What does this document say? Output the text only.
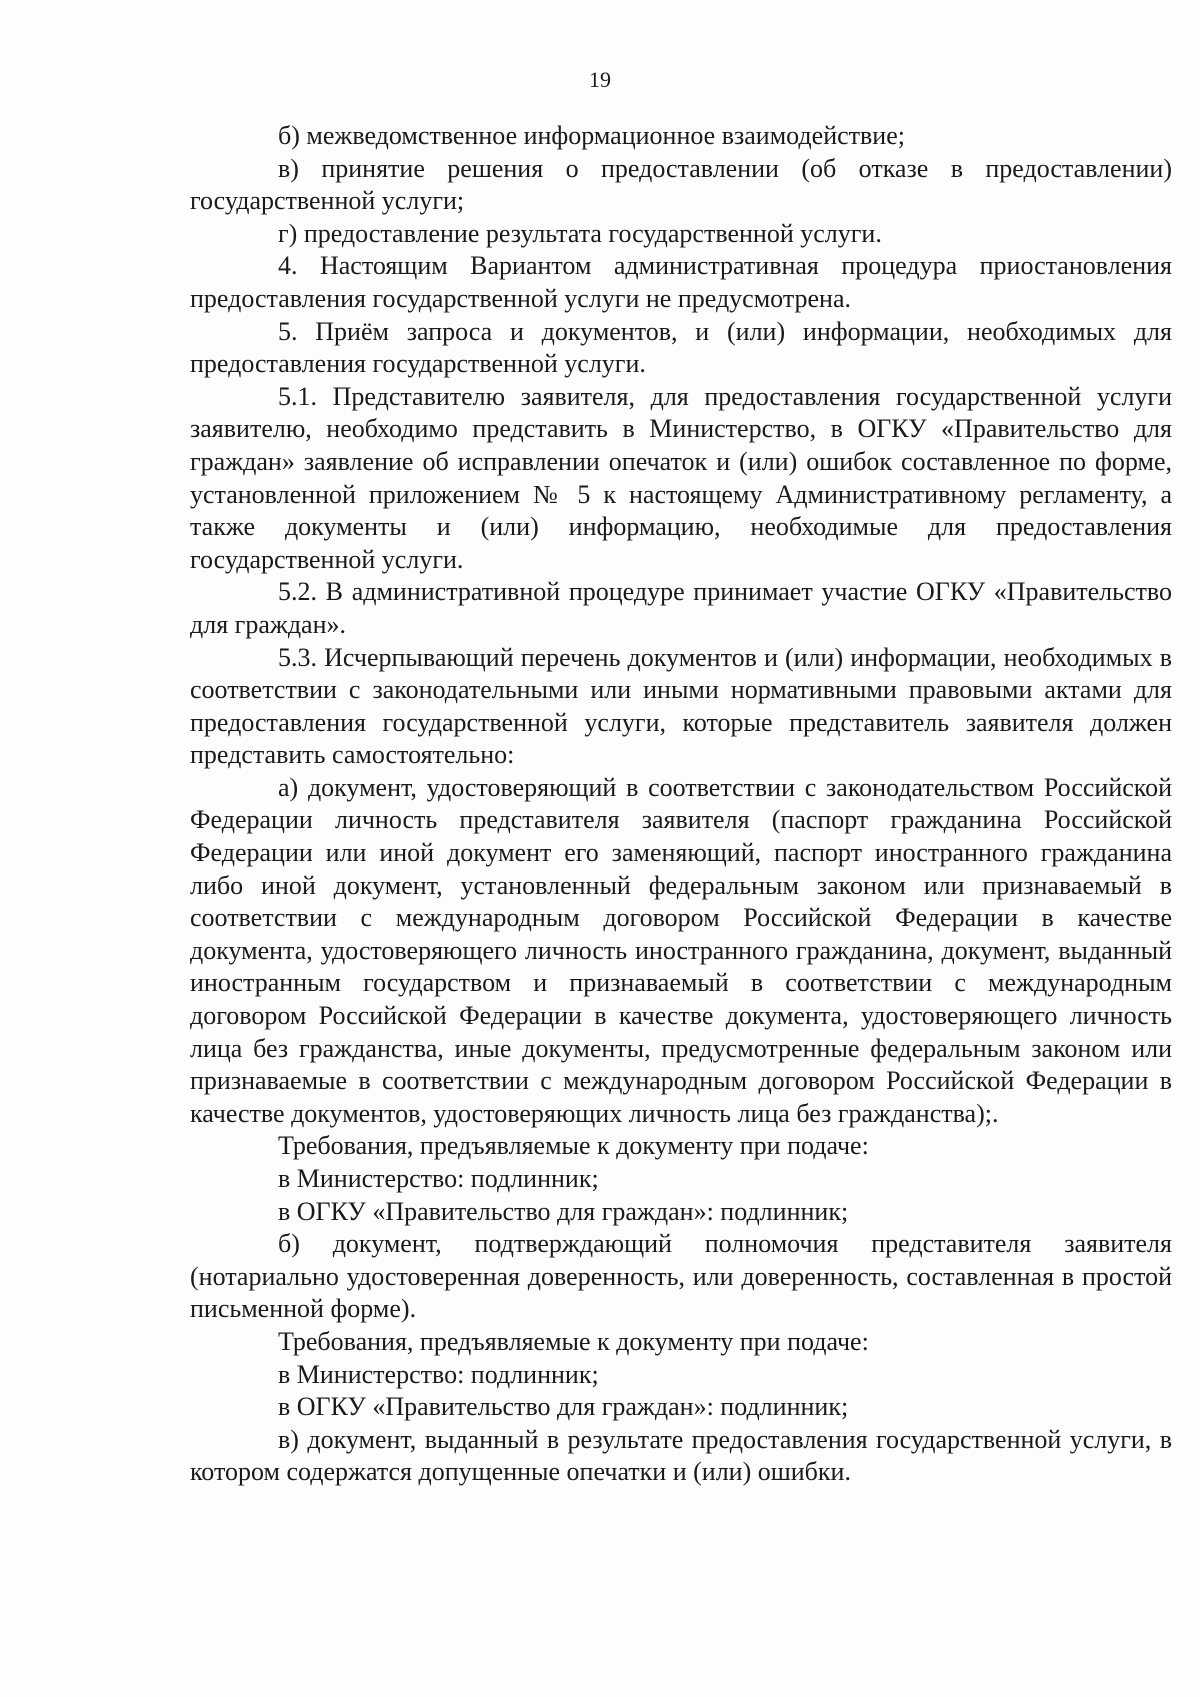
19

б) межведомственное информационное взаимодействие;

в) принятие решения о предоставлении (об отказе в предоставлении) государственной услуги;

г) предоставление результата государственной услуги.

4. Настоящим Вариантом административная процедура приостановления предоставления государственной услуги не предусмотрена.

5. Приём запроса и документов, и (или) информации, необходимых для предоставления государственной услуги.

5.1. Представителю заявителя, для предоставления государственной услуги заявителю, необходимо представить в Министерство, в ОГКУ «Правительство для граждан» заявление об исправлении опечаток и (или) ошибок составленное по форме, установленной приложением № 5 к настоящему Административному регламенту, а также документы и (или) информацию, необходимые для предоставления государственной услуги.

5.2. В административной процедуре принимает участие ОГКУ «Правительство для граждан».

5.3. Исчерпывающий перечень документов и (или) информации, необходимых в соответствии с законодательными или иными нормативными правовыми актами для предоставления государственной услуги, которые представитель заявителя должен представить самостоятельно:

а) документ, удостоверяющий в соответствии с законодательством Российской Федерации личность представителя заявителя (паспорт гражданина Российской Федерации или иной документ его заменяющий, паспорт иностранного гражданина либо иной документ, установленный федеральным законом или признаваемый в соответствии с международным договором Российской Федерации в качестве документа, удостоверяющего личность иностранного гражданина, документ, выданный иностранным государством и признаваемый в соответствии с международным договором Российской Федерации в качестве документа, удостоверяющего личность лица без гражданства, иные документы, предусмотренные федеральным законом или признаваемые в соответствии с международным договором Российской Федерации в качестве документов, удостоверяющих личность лица без гражданства);.

Требования, предъявляемые к документу при подаче:

в Министерство: подлинник;

в ОГКУ «Правительство для граждан»: подлинник;

б) документ, подтверждающий полномочия представителя заявителя (нотариально удостоверенная доверенность, или доверенность, составленная в простой письменной форме).

Требования, предъявляемые к документу при подаче:

в Министерство: подлинник;

в ОГКУ «Правительство для граждан»: подлинник;

в) документ, выданный в результате предоставления государственной услуги, в котором содержатся допущенные опечатки и (или) ошибки.
